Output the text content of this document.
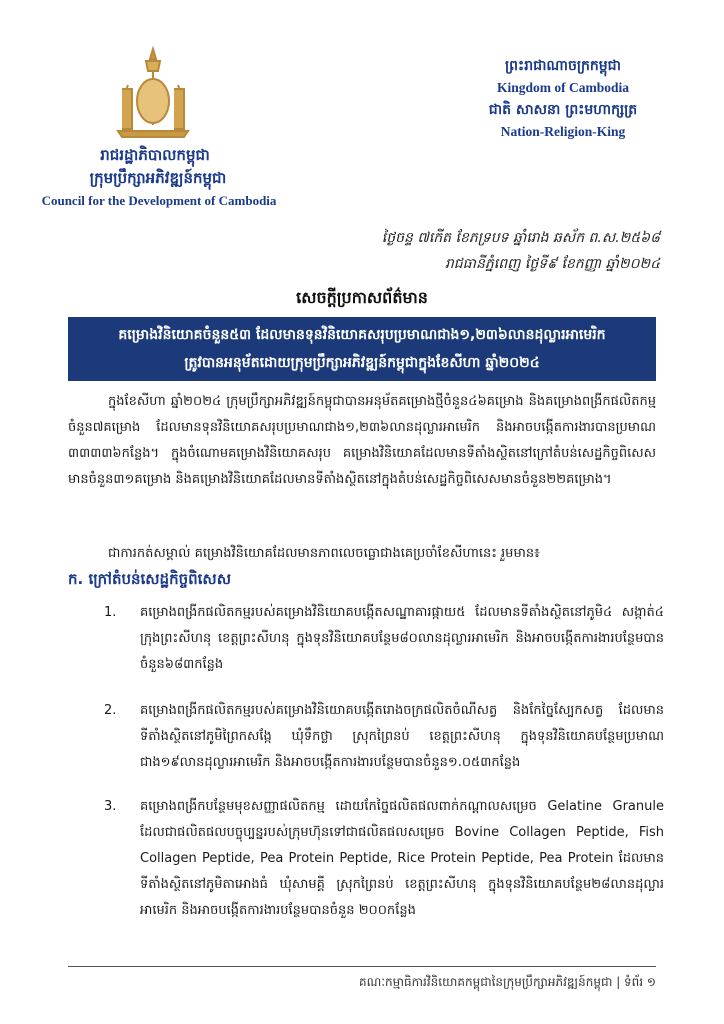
រាជរដ្ឋាភិបាលកម្ពុជា
ក្រុមប្រឹក្សាអភិវឌ្ឍន៍កម្ពុជា
Council for the Development of Cambodia
ព្រះរាជាណាចក្រកម្ពុជា
Kingdom of Cambodia
ជាតិ សាសនា ព្រះមហាក្សត្រ
Nation-Religion-King
ថ្ងៃចន្ទ ៧កើត ខែភទ្របទ ឆ្នាំរោង ឆស័ក ព.ស.២៥៦៨
រាជធានីភ្នំពេញ ថ្ងៃទី៩ ខែកញ្ញា ឆ្នាំ២០២៤
សេចក្តីប្រកាសព័ត៌មាន
គម្រោងវិនិយោគចំនួន៥៣ ដែលមានទុនវិនិយោគសរុបប្រមាណជាង១,២៣៦លានដុល្លារអាមេរិក
ត្រូវបានអនុម័តដោយក្រុមប្រឹក្សាអភិវឌ្ឍន៍កម្ពុជាក្នុងខែសីហា ឆ្នាំ២០២៤
ក្នុងខែសីហា ឆ្នាំ២០២៤ ក្រុមប្រឹក្សាអភិវឌ្ឍន៍កម្ពុជាបានអនុម័តគម្រោងថ្មីចំនួន៤៦គម្រោង និងគម្រោងពង្រីកផលិតកម្មចំនួន៧គម្រោង ដែលមានទុនវិនិយោគសរុបប្រមាណជាង១,២៣៦លានដុល្លារអាមេរិក និងអាចបង្កើតការងារបានប្រមាណ ៣៣៣៣៦កន្លែង។ ក្នុងចំណោមគម្រោងវិនិយោគសរុប គម្រោងវិនិយោគដែលមានទីតាំងស្ថិតនៅក្រៅតំបន់សេដ្ឋកិច្ចពិសេសមានចំនួន៣១គម្រោង និងគម្រោងវិនិយោគដែលមានទីតាំងស្ថិតនៅក្នុងតំបន់សេដ្ឋកិច្ចពិសេសមានចំនួន២២គម្រោង។
ជាការកត់សម្គាល់ គម្រោងវិនិយោគដែលមានភាពលេចធ្លោជាងគេប្រចាំខែសីហានេះ រួមមាន៖
ក. ក្រៅតំបន់សេដ្ឋកិច្ចពិសេស
1.	គម្រោងពង្រីកផលិតកម្មរបស់គម្រោងវិនិយោគបង្កើតសណ្ឋាគារផ្កាយ៥ ដែលមានទីតាំងស្ថិតនៅភូមិ៤ សង្កាត់៤ ក្រុងព្រះសីហនុ ខេត្តព្រះសីហនុ ក្នុងទុនវិនិយោគបន្ថែម៨០លានដុល្លារអាមេរិក និងអាចបង្កើតការងារបន្ថែមបានចំនួន៦៨៣កន្លែង
2.	គម្រោងពង្រីកផលិតកម្មរបស់គម្រោងវិនិយោគបង្កើតរោងចក្រផលិតចំណីសត្វ និងកែច្នៃស្បែកសត្វ ដែលមានទីតាំងស្ថិតនៅភូមិព្រៃកសង្កែ ឃុំទឹកថ្លា ស្រុកព្រៃនប់ ខេត្តព្រះសីហនុ ក្នុងទុនវិនិយោគបន្ថែមប្រមាណជាង១៩លានដុល្លារអាមេរិក និងអាចបង្កើតការងារបន្ថែមបានចំនួន១.០៥៣កន្លែង
3.	គម្រោងពង្រីកបន្ថែមមុខសញ្ញាផលិតកម្ម ដោយកែច្នៃផលិតផលពាក់កណ្តាលសម្រេច Gelatine Granule ដែលជាផលិតផលបច្ចុប្បន្នរបស់ក្រុមហ៊ុនទៅជាផលិតផលសម្រេច Bovine Collagen Peptide, Fish Collagen Peptide, Pea Protein Peptide, Rice Protein Peptide, Pea Protein ដែលមានទីតាំងស្ថិតនៅភូមិតាអោងធំ ឃុំសាមគ្គី ស្រុកព្រៃនប់ ខេត្តព្រះសីហនុ ក្នុងទុនវិនិយោគបន្ថែម២៨លានដុល្លារអាមេរិក និងអាចបង្កើតការងារបន្ថែមបានចំនួន ២០០កន្លែង
គណៈកម្មាធិការវិនិយោគកម្ពុជានៃក្រុមប្រឹក្សាអភិវឌ្ឍន៍កម្ពុជា | ទំព័រ ១
